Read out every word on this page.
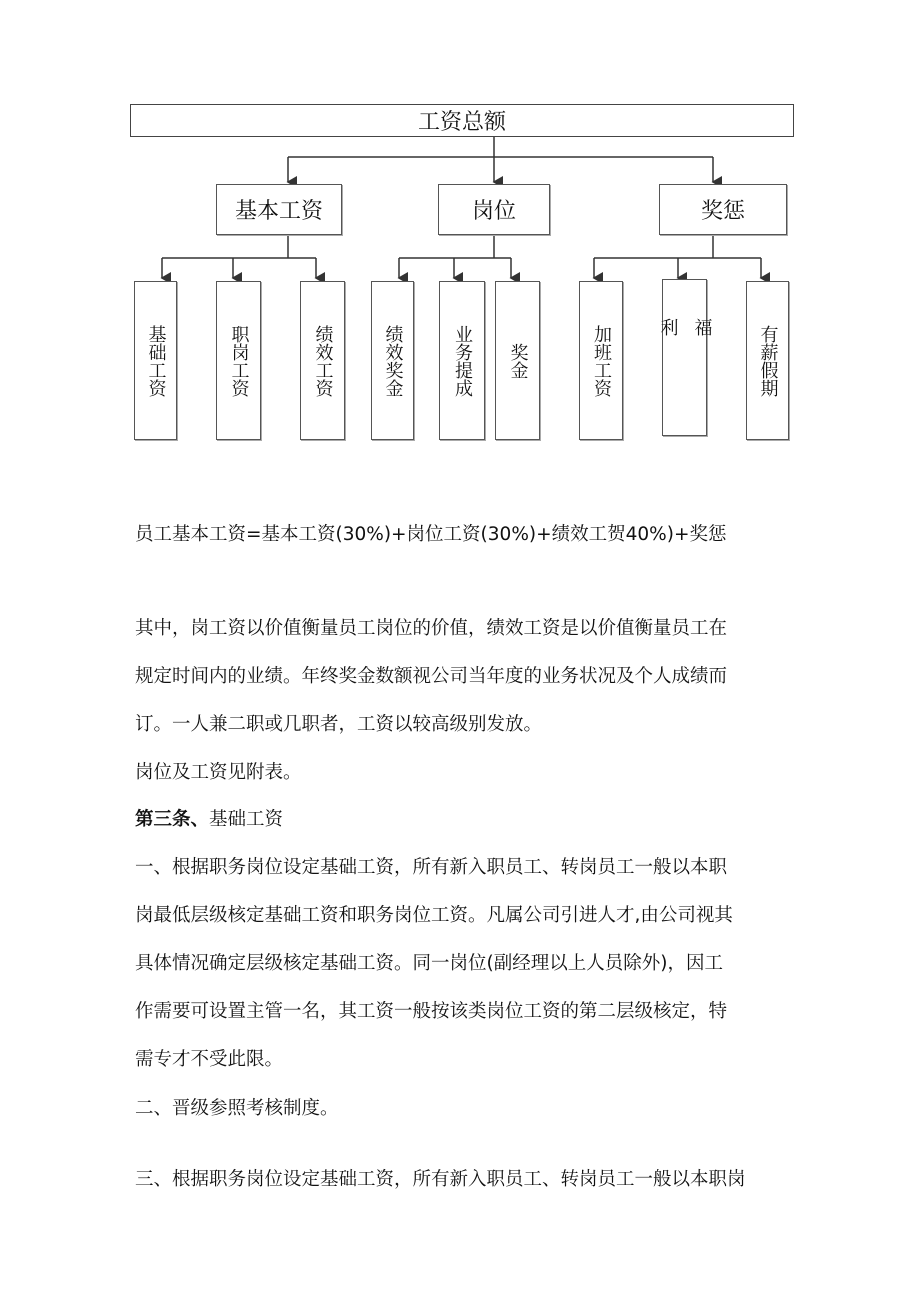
工资总额
基本工资	岗位	奖惩
基础工资	职岗工资	绩效工资	绩效奖金	业务提成	奖金	加班工资	福利	有薪假期
员工基本工资=基本工资(30%)+岗位工资(30%)+绩效工贺40%)+奖惩
其中，岗工资以价值衡量员工岗位的价值，绩效工资是以价值衡量员工在
规定时间内的业绩。年终奖金数额视公司当年度的业务状况及个人成绩而
订。一人兼二职或几职者，工资以较高级别发放。
岗位及工资见附表。
第三条、基础工资
一、根据职务岗位设定基础工资，所有新入职员工、转岗员工一般以本职
岗最低层级核定基础工资和职务岗位工资。凡属公司引进人才,由公司视其
具体情况确定层级核定基础工资。同一岗位(副经理以上人员除外)，因工
作需要可设置主管一名，其工资一般按该类岗位工资的第二层级核定，特
需专才不受此限。
二、晋级参照考核制度。
三、根据职务岗位设定基础工资，所有新入职员工、转岗员工一般以本职岗
